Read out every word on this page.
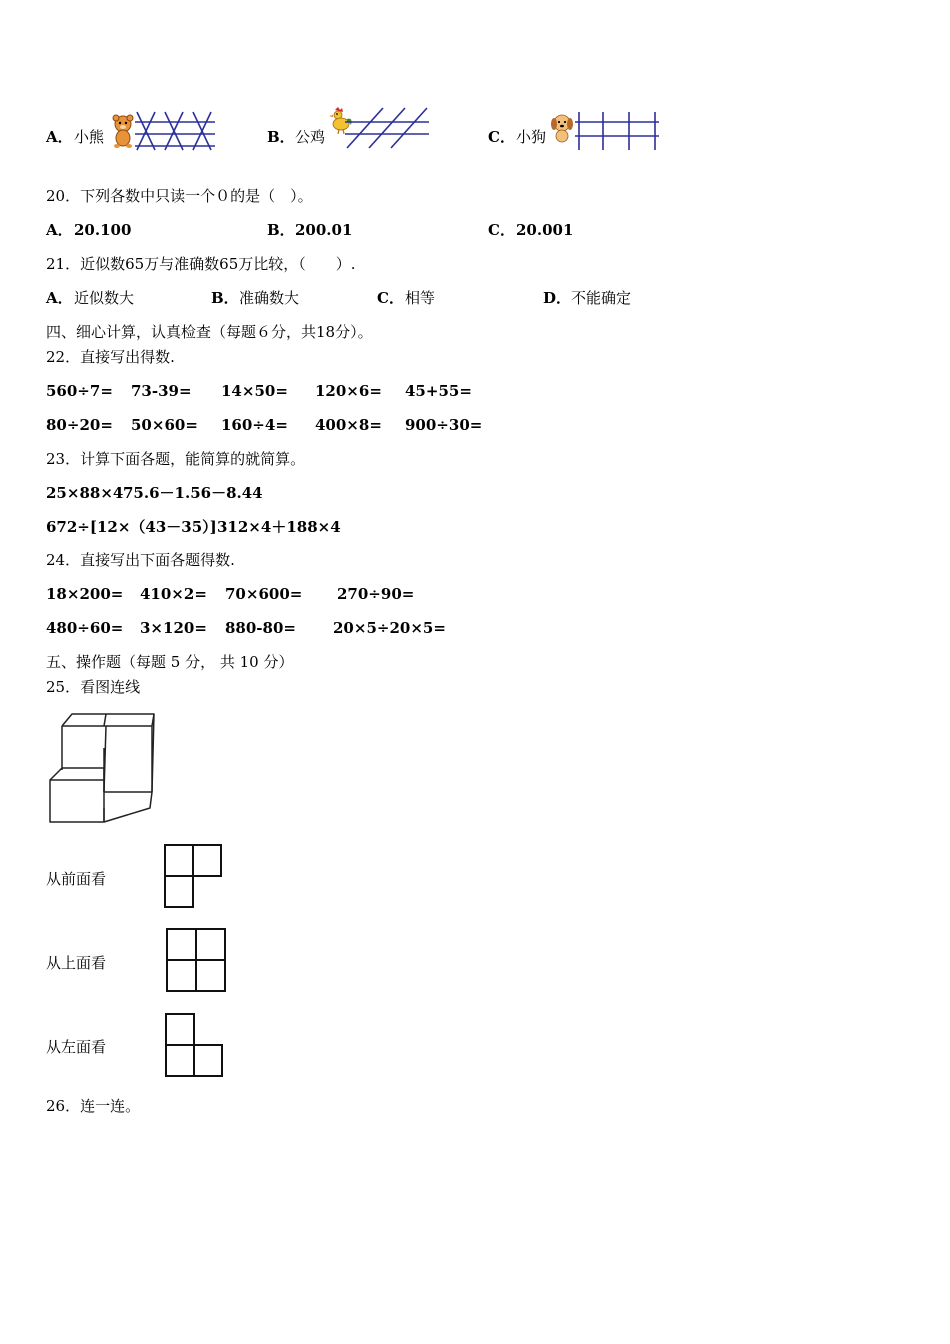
A． 小熊	B． 公鸡	C． 小狗
20．下列各数中只读一个０的是（　）。
A． 20.100	B． 200.01	C． 20.001
21．近似数65万与准确数65万比较，（　　）.
A． 近似数大	B． 准确数大	C． 相等	D． 不能确定
四、细心计算，认真检查（每题６分，共18分）。
22．直接写出得数.
560÷7= 73-39= 14×50= 120×6= 45+55=
80÷20= 50×60= 160÷4= 400×8= 900÷30=
23．计算下面各题，能简算的就简算。
25×88×4 75.6－1.56－8.44
672÷[12×（43－35）] 312×4＋188×4
24．直接写出下面各题得数.
18×200= 410×2= 70×600= 270÷90=
480÷60= 3×120= 880-80= 20×5÷20×5=
五、操作题（每题 5 分， 共 10 分）
25．看图连线
从前面看
从上面看
从左面看
26．连一连。
